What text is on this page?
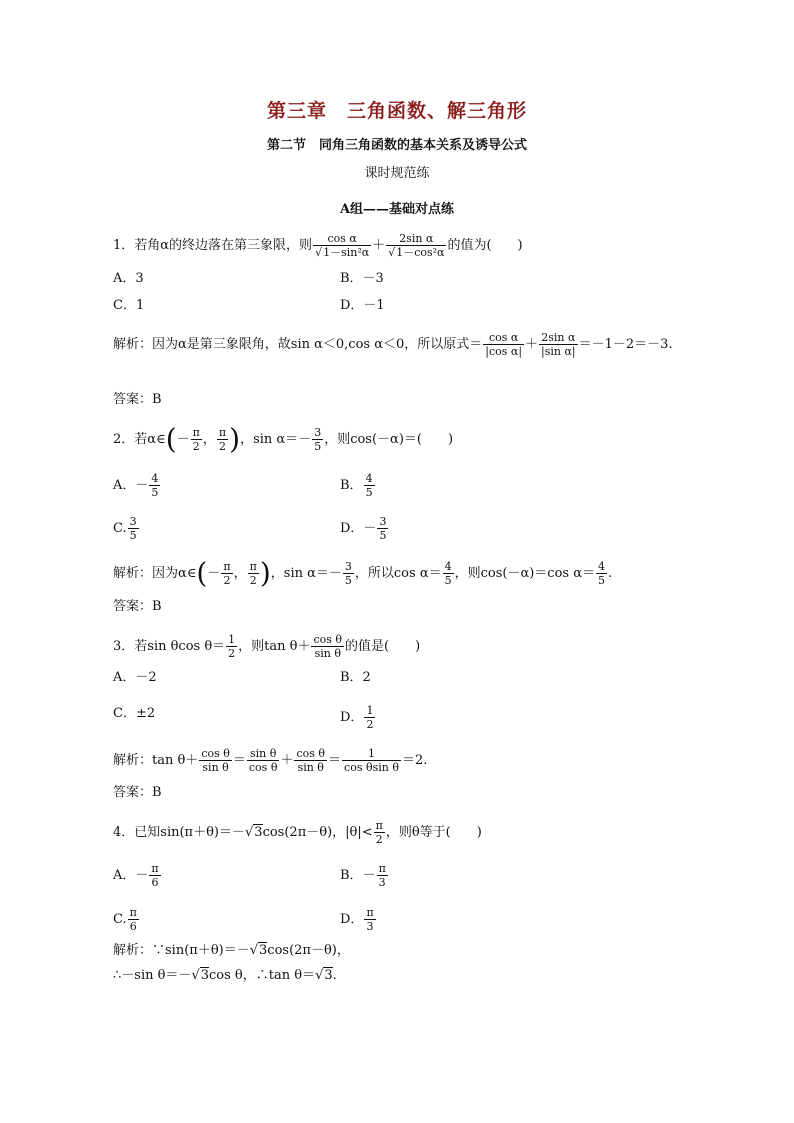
第三章　三角函数、解三角形
第二节　同角三角函数的基本关系及诱导公式
课时规范练
A组——基础对点练
1．若角α的终边落在第三象限，则 $\frac{\text{cos α}}{\text{√1－sin²α}} + \frac{\text{2sin α}}{\text{√1－cos²α}}$ 的值为(　　)
A．3	B．－3
C．1	D．－1
解析：因为α是第三象限角，故sin α＜0,cos α＜0，所以原式＝ $\frac{\text{cos α}}{\text{|cos α|}} + \frac{\text{2sin α}}{\text{|sin α|}} =-1-2=-3$.
答案：B
2．若α∈(－ $\frac{\pi}{2}$ ， $\frac{\pi}{2}$ )，$\sin \alpha=- \frac{3}{5}$ ，则cos(－α)＝(　　)
A．－ $\frac{4}{5}$	B． $\frac{4}{5}$
C. $\frac{3}{5}$	D．－ $\frac{3}{5}$
解析：因为α∈(－ $\frac{\pi}{2}$ ， $\frac{\pi}{2}$ )，$\sin \alpha=- \frac{3}{5}$ ，所以$\cos \alpha= \frac{4}{5}$ ，则cos(－α)＝cos $\alpha= \frac{4}{5}$ .
答案：B
3．若sin θcos $\theta= \frac{1}{2}$ ，则$\tan \theta+ \frac{\text{cos θ}}{\text{sin θ}}$ 的值是(　　)
A．－2	B．2
C．±2	D． $\frac{1}{2}$
解析：$\tan \theta+ \frac{\text{cos θ}}{\text{sin θ}} = \frac{\text{sin θ}}{\text{cos θ}} + \frac{\text{cos θ}}{\text{sin θ}} = \frac{1}{\text{cos θsin θ}} =2$.
答案：B
4．已知sin(π＋θ)＝－√3cos(2π－θ)，$|\theta|< \frac{\pi}{2}$ ，则θ等于(　　)
A．－ $\frac{\pi}{6}$	B．－ $\frac{\pi}{3}$
C. $\frac{\pi}{6}$	D． $\frac{\pi}{3}$
解析：∵sin(π＋θ)＝－√3cos(2π－θ)，
∴－sin θ＝－√3cos θ，∴tan θ＝√3.
